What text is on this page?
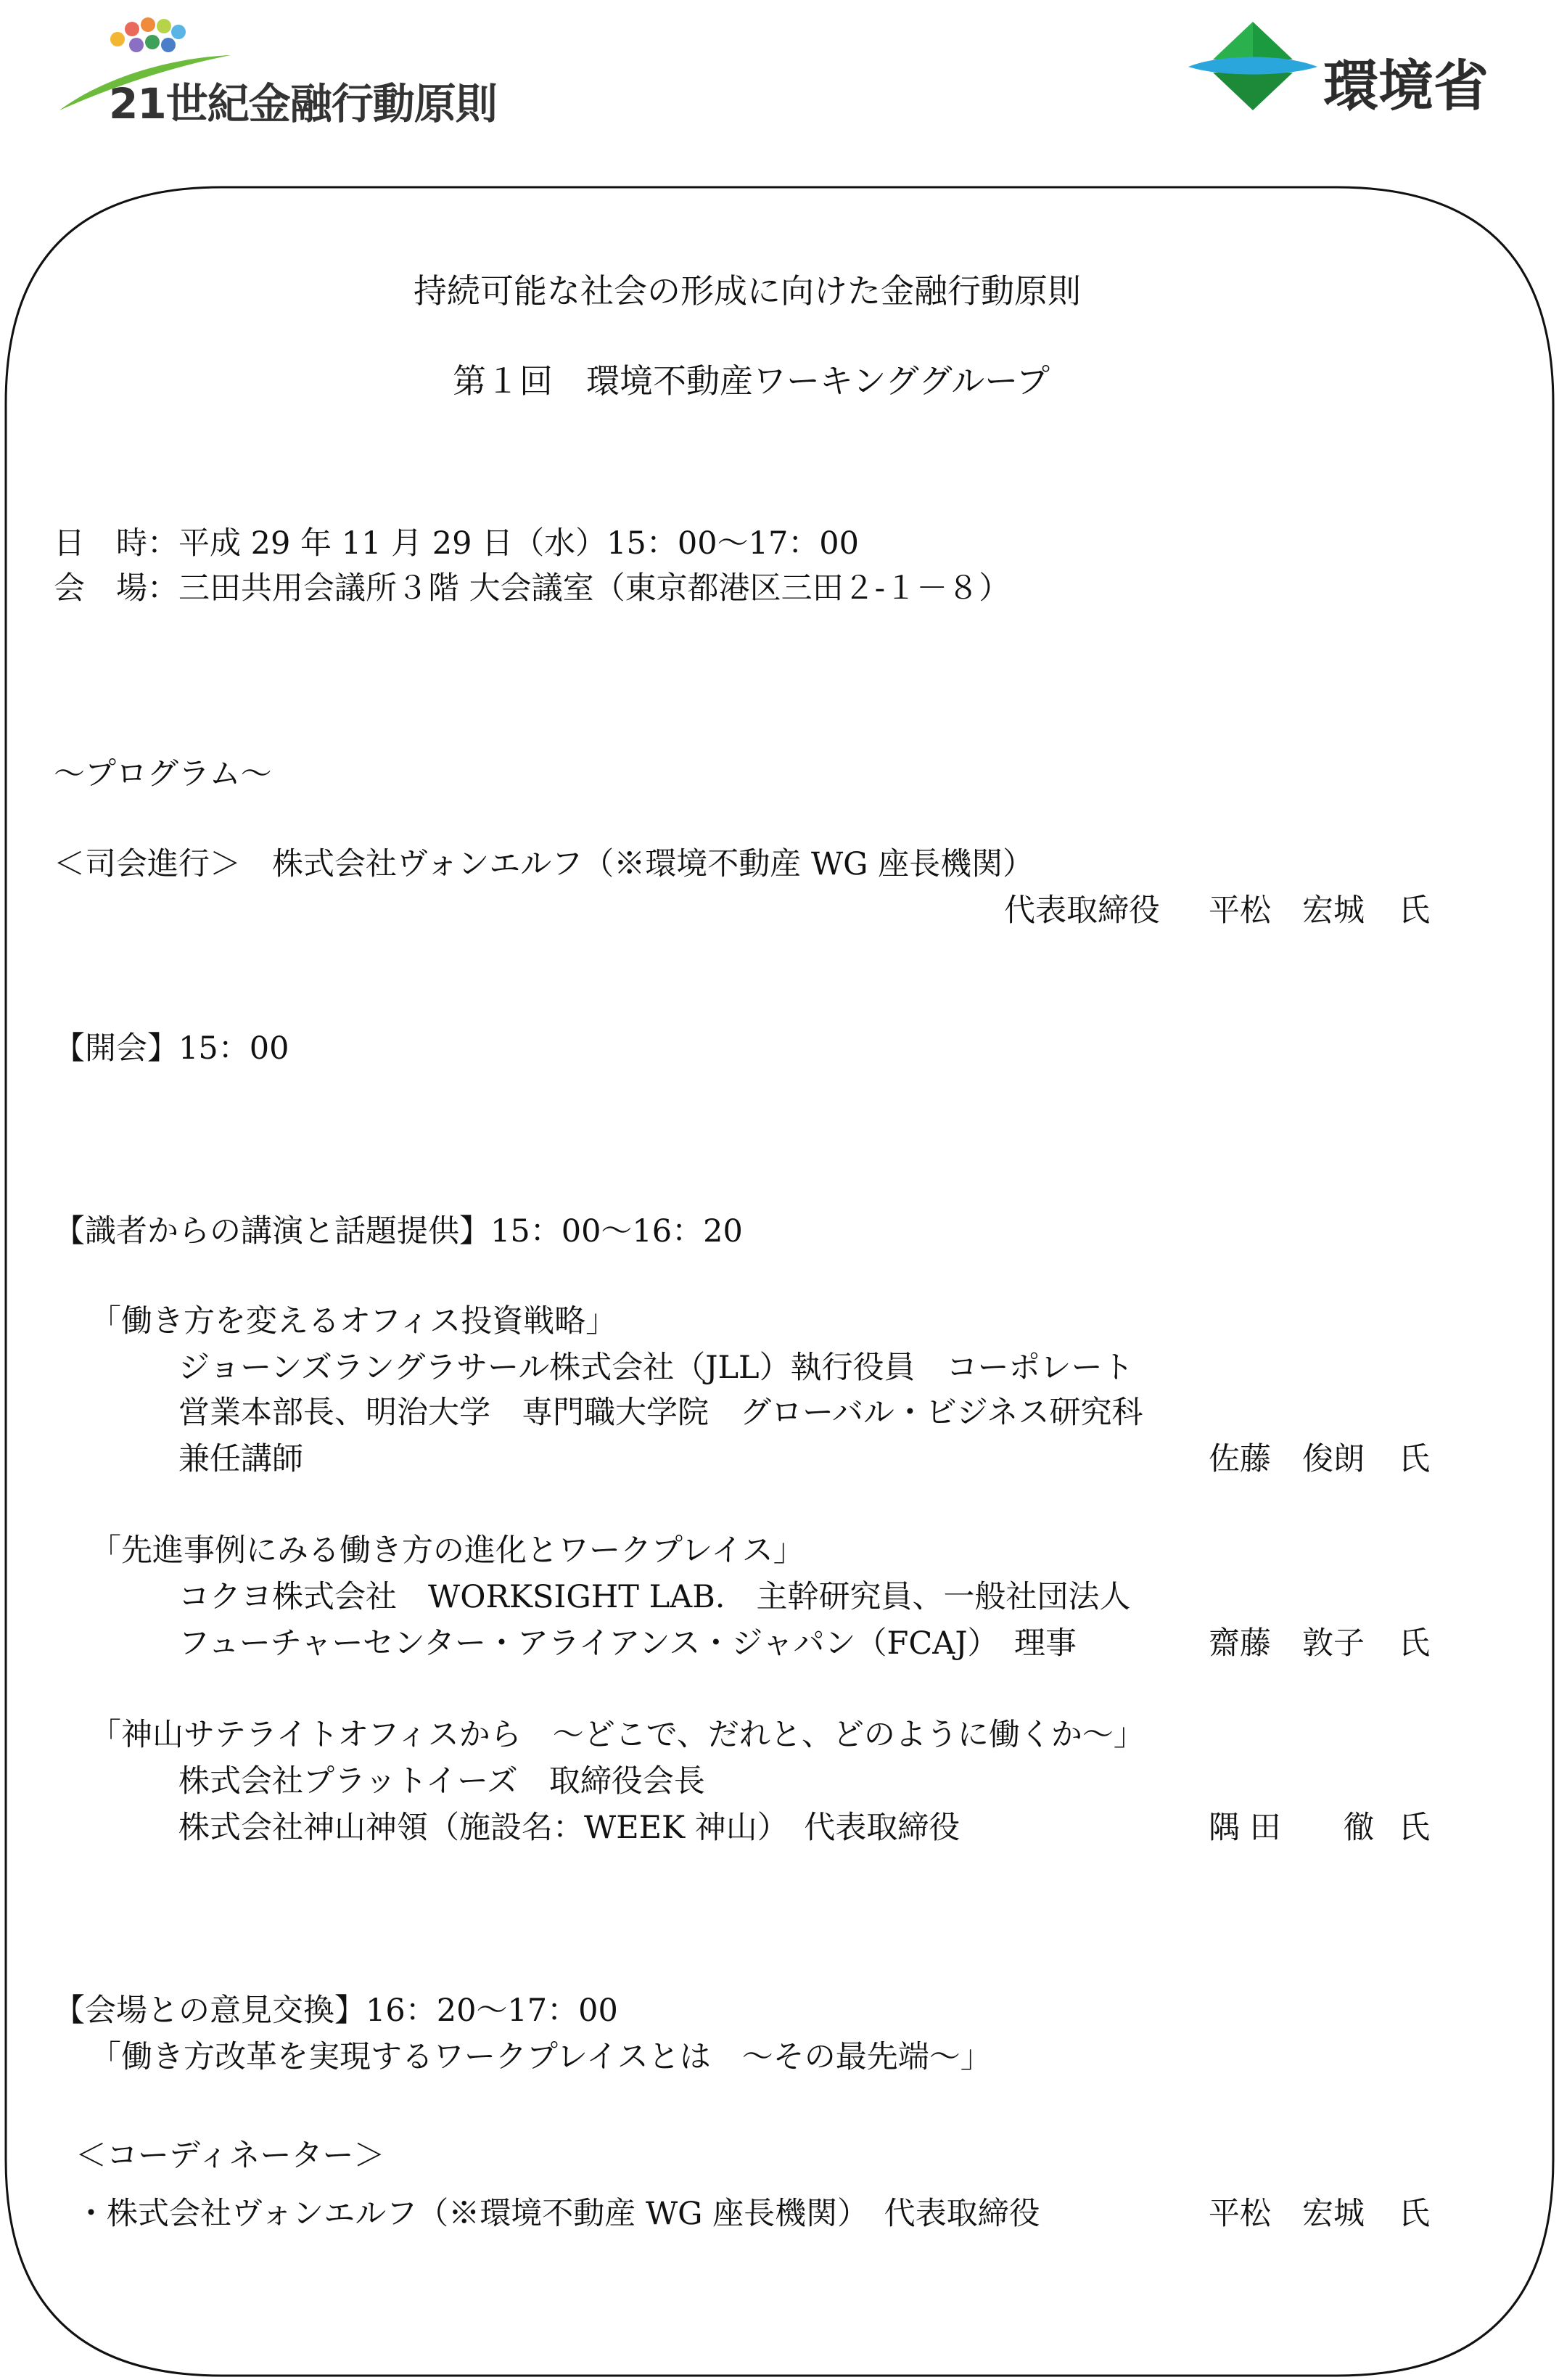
21世紀金融行動原則	環境省
持続可能な社会の形成に向けた金融行動原則
第１回　環境不動産ワーキンググループ
日　時：平成 29 年 11 月 29 日（水）15：00～17：00
会　場：三田共用会議所３階 大会議室（東京都港区三田２‐１－８）
～プログラム～
＜司会進行＞　株式会社ヴォンエルフ（※環境不動産 WG 座長機関）
代表取締役 平松　宏城 氏
【開会】15：00
【識者からの講演と話題提供】15：00～16：20
「働き方を変えるオフィス投資戦略」
ジョーンズラングラサール株式会社（JLL）執行役員　コーポレート
営業本部長、明治大学　専門職大学院　グローバル・ビジネス研究科
兼任講師	佐藤　俊朗 氏
「先進事例にみる働き方の進化とワークプレイス」
コクヨ株式会社　WORKSIGHT LAB.　主幹研究員、一般社団法人
フューチャーセンター・アライアンス・ジャパン（FCAJ）　理事	齋藤　敦子 氏
「神山サテライトオフィスから　～どこで、だれと、どのように働くか～」
株式会社プラットイーズ　取締役会長
株式会社神山神領（施設名：WEEK 神山）　代表取締役	隅 田　　徹 氏
【会場との意見交換】16：20～17：00
「働き方改革を実現するワークプレイスとは　～その最先端～」
＜コーディネーター＞
・株式会社ヴォンエルフ（※環境不動産 WG 座長機関）　代表取締役	平松　宏城 氏
